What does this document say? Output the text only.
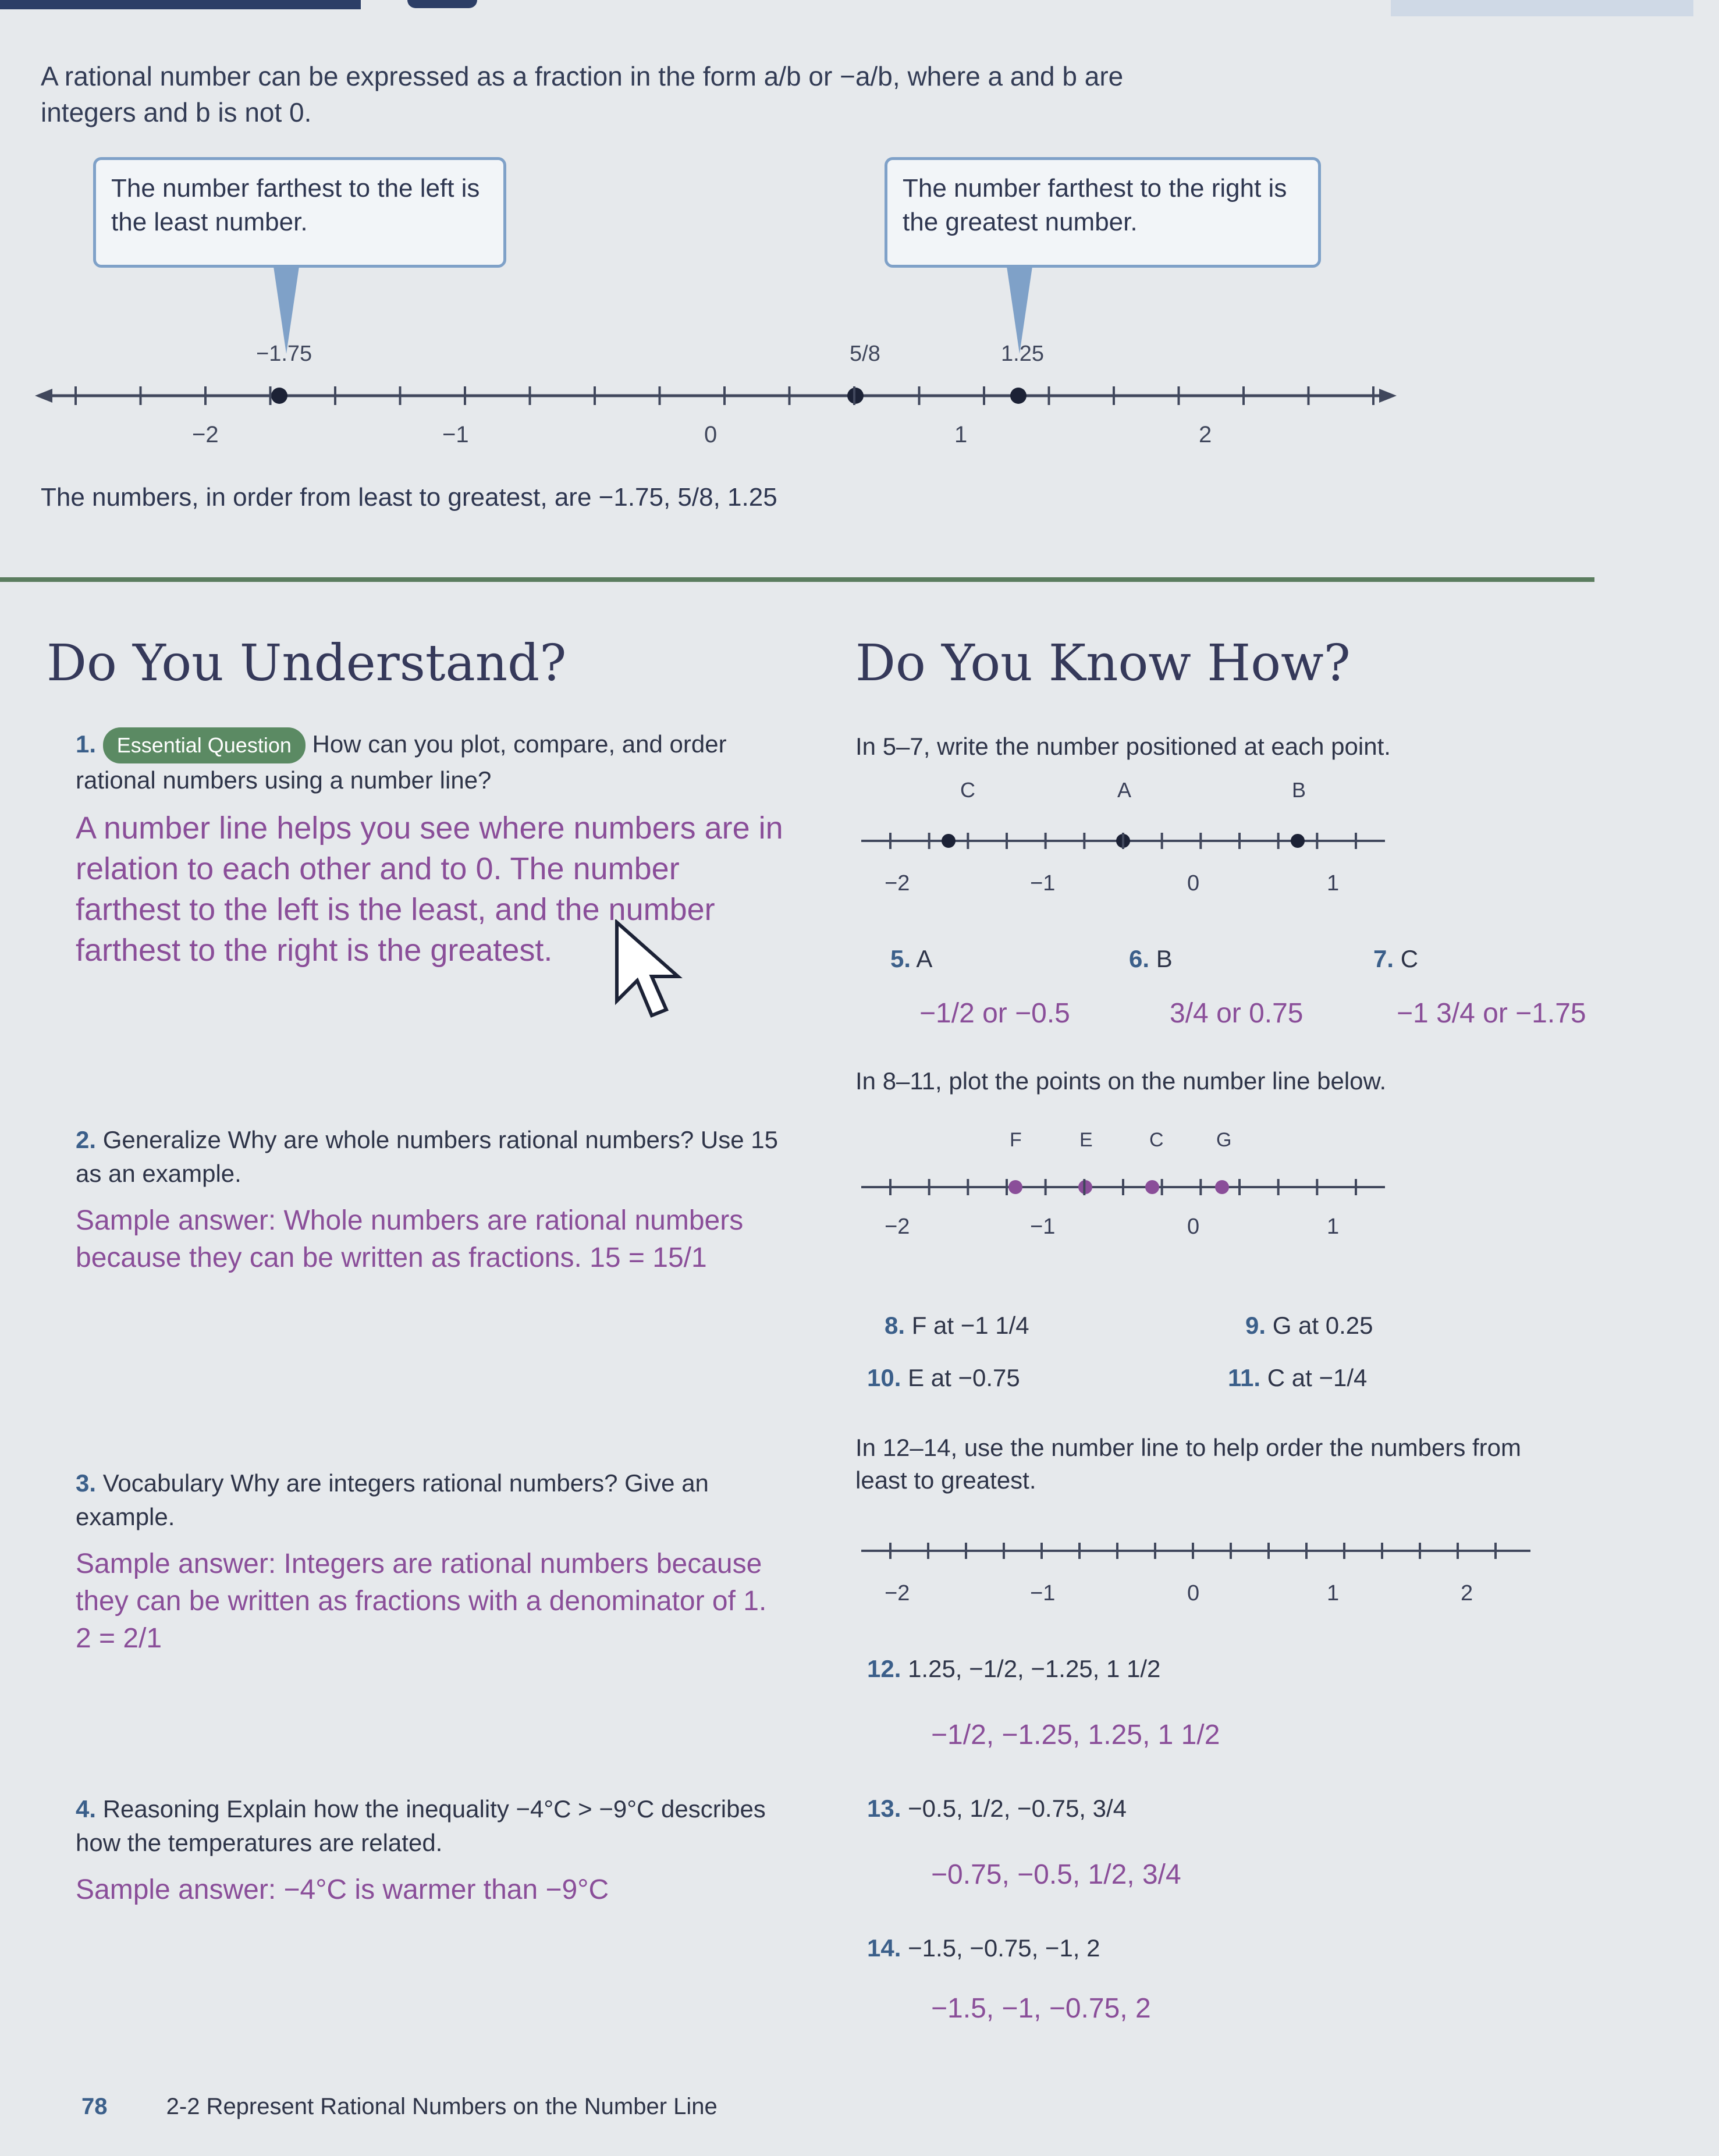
A rational number can be expressed as a fraction in the form a/b or −a/b, where a and b are integers and b is not 0.
The number farthest to the left is the least number.
The number farthest to the right is the greatest number.
−1.75	5/8	1.25
−2	−1	0	1	2
The numbers, in order from least to greatest, are −1.75, 5/8, 1.25
Do You Understand?
1. Essential Question How can you plot, compare, and order rational numbers using a number line?
A number line helps you see where numbers are in relation to each other and to 0. The number farthest to the left is the least, and the number farthest to the right is the greatest.
2. Generalize Why are whole numbers rational numbers? Use 15 as an example.
Sample answer: Whole numbers are rational numbers because they can be written as fractions. 15 = 15/1
3. Vocabulary Why are integers rational numbers? Give an example.
Sample answer: Integers are rational numbers because they can be written as fractions with a denominator of 1. 2 = 2/1
4. Reasoning Explain how the inequality −4°C > −9°C describes how the temperatures are related.
Sample answer: −4°C is warmer than −9°C
Do You Know How?
In 5–7, write the number positioned at each point.
C	A	B
−2	−1	0	1
5. A	6. B	7. C
−1/2 or −0.5	3/4 or 0.75	−1 3/4 or −1.75
In 8–11, plot the points on the number line below.
F	E	C	G
−2	−1	0	1
8. F at −1 1/4	9. G at 0.25
10. E at −0.75	11. C at −1/4
In 12–14, use the number line to help order the numbers from least to greatest.
−2	−1	0	1	2
12. 1.25, −1/2, −1.25, 1 1/2
−1/2, −1.25, 1.25, 1 1/2
13. −0.5, 1/2, −0.75, 3/4
−0.75, −0.5, 1/2, 3/4
14. −1.5, −0.75, −1, 2
−1.5, −1, −0.75, 2
78	2-2 Represent Rational Numbers on the Number Line
